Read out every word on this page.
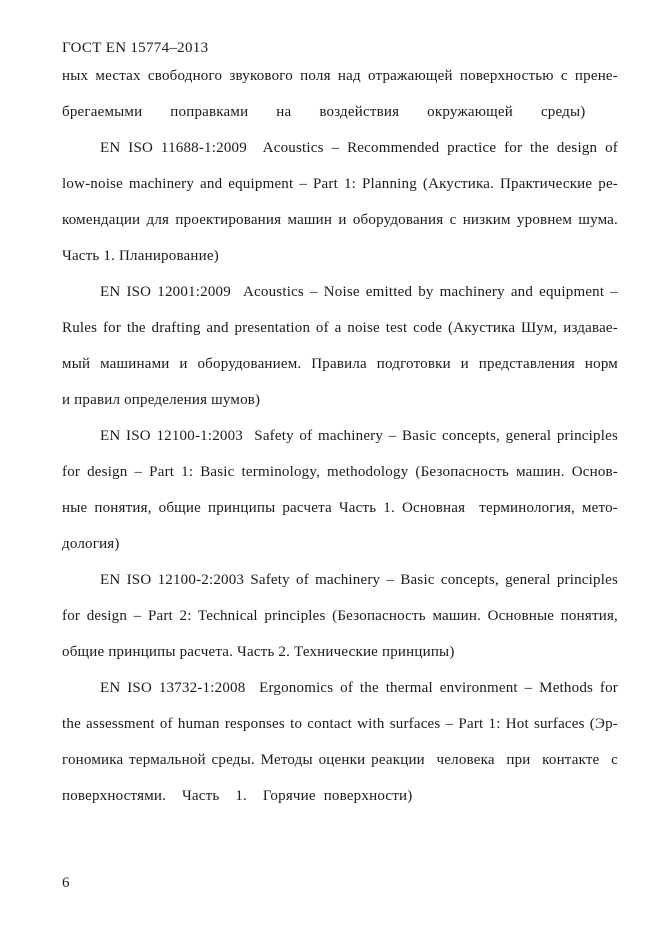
ГОСТ EN 15774–2013
ных местах свободного звукового поля над отражающей поверхностью с прене-
брегаемыми поправками на воздействия окружающей среды)
EN ISO 11688-1:2009  Acoustics – Recommended practice for the design of
low-noise machinery and equipment – Part 1: Planning (Акустика. Практические ре-
комендации для проектирования машин и оборудования с низким уровнем шума.
Часть 1. Планирование)
EN ISO 12001:2009  Acoustics – Noise emitted by machinery and equipment –
Rules for the drafting and presentation of a noise test code (Акустика Шум, издавае-
мый машинами и оборудованием. Правила подготовки и представления норм
и правил определения шумов)
EN ISO 12100-1:2003  Safety of machinery – Basic concepts, general principles
for design – Part 1: Basic terminology, methodology (Безопасность машин. Основ-
ные понятия, общие принципы расчета Часть 1. Основная  терминология, мето-
дология)
EN ISO 12100-2:2003 Safety of machinery – Basic concepts, general principles
for design – Part 2: Technical principles (Безопасность машин. Основные понятия,
общие принципы расчета. Часть 2. Технические принципы)
EN ISO 13732-1:2008  Ergonomics of the thermal environment – Methods for
the assessment of human responses to contact with surfaces – Part 1: Hot surfaces (Эр-
гономика термальной среды. Методы оценки реакции  человека  при  контакте  с
поверхностями.  Часть  1.  Горячие поверхности)
6
